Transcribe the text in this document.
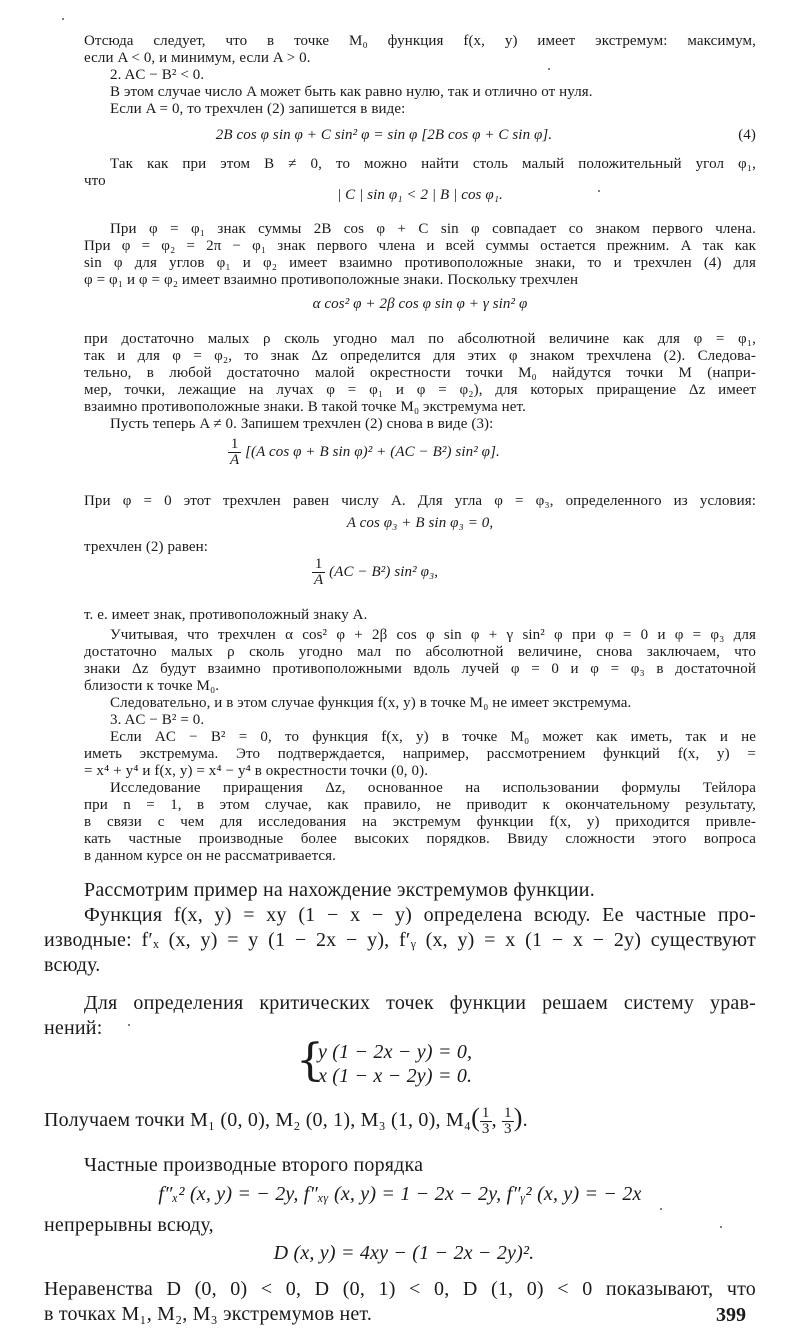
Отсюда следует, что в точке M₀ функция f(x, y) имеет экстремум: максимум,
если A < 0, и минимум, если A > 0.
2. AC − B² < 0.
В этом случае число A может быть как равно нулю, так и отлично от нуля.
Если A = 0, то трехчлен (2) запишется в виде:
2B cos φ sin φ + C sin² φ = sin φ [2B cos φ + C sin φ].	(4)
Так как при этом B ≠ 0, то можно найти столь малый положительный угол φ₁,
что
| C | sin φ₁ < 2 | B | cos φ₁.
При φ = φ₁ знак суммы 2B cos φ + C sin φ совпадает со знаком первого члена.
При φ = φ₂ = 2π − φ₁ знак первого члена и всей суммы остается прежним. А так как
sin φ для углов φ₁ и φ₂ имеет взаимно противоположные знаки, то и трехчлен (4) для
φ = φ₁ и φ = φ₂ имеет взаимно противоположные знаки. Поскольку трехчлен
α cos² φ + 2β cos φ sin φ + γ sin² φ
при достаточно малых ρ сколь угодно мал по абсолютной величине как для φ = φ₁,
так и для φ = φ₂, то знак Δz определится для этих φ знаком трехчлена (2). Следова-
тельно, в любой достаточно малой окрестности точки M₀ найдутся точки M (напри-
мер, точки, лежащие на лучах φ = φ₁ и φ = φ₂), для которых приращение Δz имеет
взаимно противоположные знаки. В такой точке M₀ экстремума нет.
Пусть теперь A ≠ 0. Запишем трехчлен (2) снова в виде (3):
$\frac{1}{A} [(A$ cos φ + B sin φ)² + (AC − B²) sin² φ].
При φ = 0 этот трехчлен равен числу A. Для угла φ = φ₃, определенного из условия:
A cos φ₃ + B sin φ₃ = 0,
трехчлен (2) равен:
$\frac{1}{A} (AC - B^2)$ sin² φ₃,
т. е. имеет знак, противоположный знаку A.
Учитывая, что трехчлен α cos² φ + 2β cos φ sin φ + γ sin² φ при φ = 0 и φ = φ₃ для
достаточно малых ρ сколь угодно мал по абсолютной величине, снова заключаем, что
знаки Δz будут взаимно противоположными вдоль лучей φ = 0 и φ = φ₃ в достаточной
близости к точке M₀.
Следовательно, и в этом случае функция f(x, y) в точке M₀ не имеет экстремума.
3. AC − B² = 0.
Если AC − B² = 0, то функция f(x, y) в точке M₀ может как иметь, так и не
иметь экстремума. Это подтверждается, например, рассмотрением функций f(x, y) =
= x⁴ + y⁴ и f(x, y) = x⁴ − y⁴ в окрестности точки (0, 0).
Исследование приращения Δz, основанное на использовании формулы Тейлора
при n = 1, в этом случае, как правило, не приводит к окончательному результату,
в связи с чем для исследования на экстремум функции f(x, y) приходится привле-
кать частные производные более высоких порядков. Ввиду сложности этого вопроса
в данном курсе он не рассматривается.
Рассмотрим пример на нахождение экстремумов функции.
Функция f(x, y) = xy (1 − x − y) определена всюду. Ее частные про-
изводные: f′ₓ (x, y) = y (1 − 2x − y), f′ᵧ (x, y) = x (1 − x − 2y) существуют
всюду.
Для определения критических точек функции решаем систему урав-
нений:
{
y (1 − 2x − y) = 0,
x (1 − x − 2y) = 0.
Получаем точки M₁ (0, 0), M₂ (0, 1), M₃ (1, 0), $M_4( \frac{1}{3}$ , $\frac{1}{3}$ ).
Частные производные второго порядка
f″ₓ² (x, y) = − 2y, f″ₓᵧ (x, y) = 1 − 2x − 2y, f″ᵧ² (x, y) = − 2x
непрерывны всюду,
D (x, y) = 4xy − (1 − 2x − 2y)².
Неравенства D (0, 0) < 0, D (0, 1) < 0, D (1, 0) < 0 показывают, что
в точках M₁, M₂, M₃ экстремумов нет.	399
